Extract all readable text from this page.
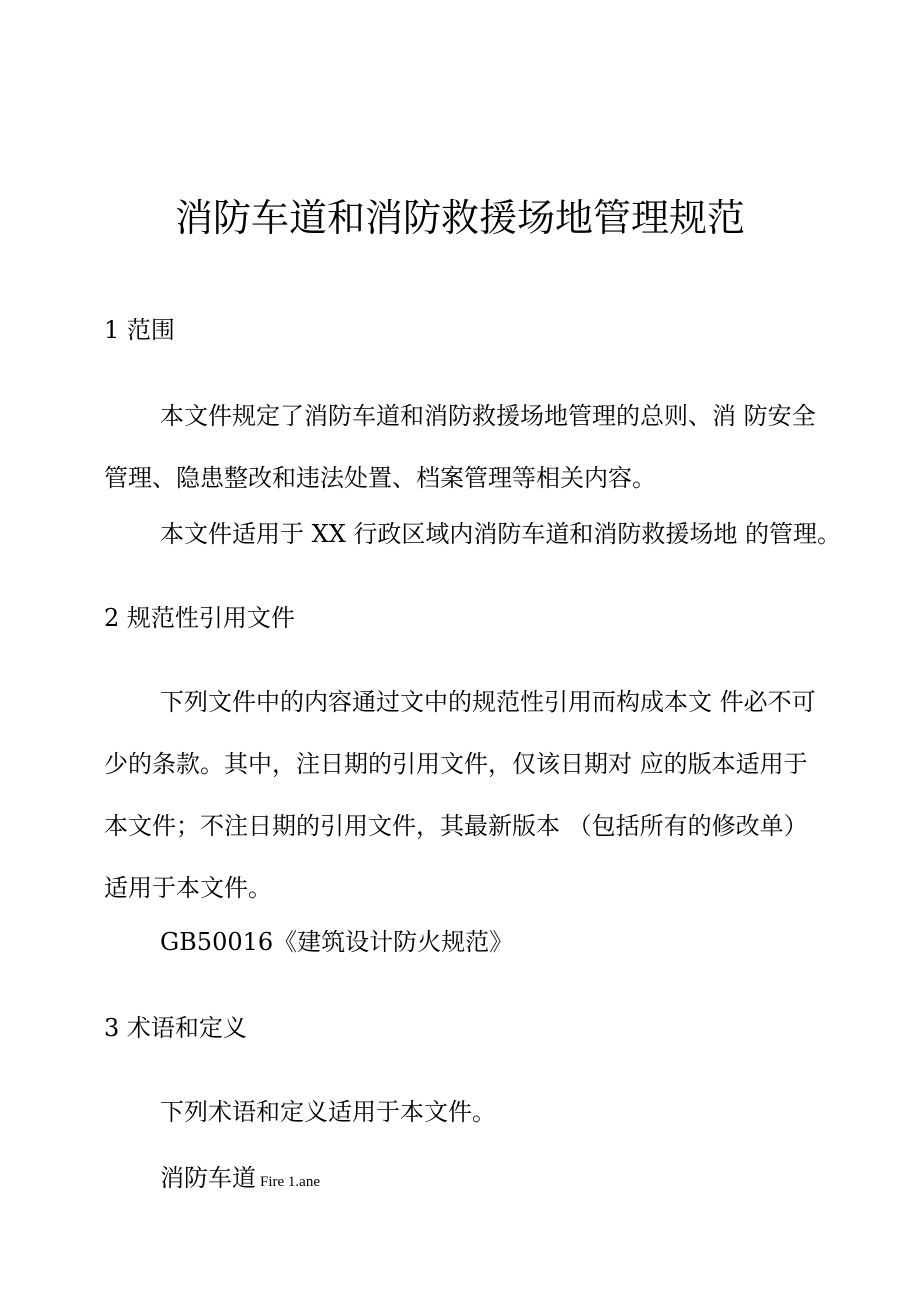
消防车道和消防救援场地管理规范
1 范围
本文件规定了消防车道和消防救援场地管理的总则、消 防安全
管理、隐患整改和违法处置、档案管理等相关内容。
本文件适用于 XX 行政区域内消防车道和消防救援场地 的管理。
2 规范性引用文件
下列文件中的内容通过文中的规范性引用而构成本文 件必不可
少的条款。其中，注日期的引用文件，仅该日期对 应的版本适用于
本文件；不注日期的引用文件，其最新版本 （包括所有的修改单）
适用于本文件。
GB50016《建筑设计防火规范》
3 术语和定义
下列术语和定义适用于本文件。
消防车道 Fire 1.ane
